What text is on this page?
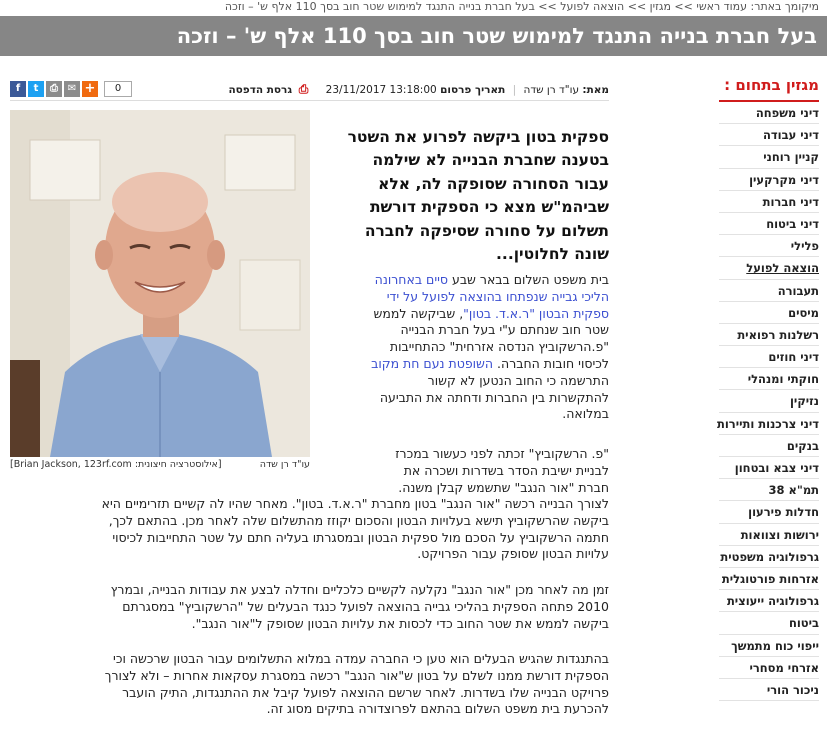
מיקומך באתר: עמוד ראשי >> מגזין >> הוצאה לפועל >> בעל חברת בנייה התנגד למימוש שטר חוב בסך 110 אלף ש' – וזכה
בעל חברת בנייה התנגד למימוש שטר חוב בסך 110 אלף ש' – וזכה
מגזין בתחום :
דיני משפחה
דיני עבודה
קניין רוחני
דיני מקרקעין
דיני חברות
דיני ביטוח
פלילי
הוצאה לפועל
תעבורה
מיסים
רשלנות רפואית
דיני חוזים
חוקתי ומנהלי
נזיקין
דיני צרכנות ותיירות
בנקים
דיני צבא ובטחון
תמ"א 38
חדלות פירעון
ירושות וצוואות
גרפולוגיה משפטית
אזרחות פורטוגלית
גרפולוגיה ייעוצית
ביטוח
ייפוי כוח מתמשך
אזרחי מסחרי
ניכור הורי
מאת: עו"ד רן שדה | תאריך פרסום 13:18:00 23/11/2017 ⎙ גרסת הדפסה
0
+
✉
⎙
t
f
עו"ד רן שדה
[אילוסטרציה חיצונית: Brian Jackson, 123rf.com]

ספקית בטון ביקשה לפרוע את השטר

בטענה שחברת הבנייה לא שילמה

עבור הסחורה שסופקה לה, אלא

שביהמ"ש מצא כי הספקית דורשת

תשלום על סחורה שסיפקה לחברה

שונה לחלוטין...

בית משפט השלום בבאר שבע סיים באחרונה

הליכי גבייה שנפתחו בהוצאה לפועל על ידי

ספקית הבטון "ר.א.ד. בטון", שביקשה לממש

שטר חוב שנחתם ע"י בעל חברת הבנייה

"פ.הרשקוביץ הנדסה אזרחית" כהתחייבות

לכיסוי חובות החברה. השופטת נעם חת מקוב

התרשמה כי החוב הנטען לא קשור

להתקשרות בין החברות ודחתה את התביעה

במלואה.

"פ. הרשקוביץ" זכתה לפני כעשור במכרז

לבניית ישיבת הסדר בשדרות ושכרה את

חברת "אור הנגב" שתשמש קבלן משנה.

לצורך הבנייה רכשה "אור הנגב" בטון מחברת "ר.א.ד. בטון". מאחר שהיו לה קשיים תזרימיים היא

ביקשה שהרשקוביץ תישא בעלויות הבטון והסכום יקוזז מהתשלום שלה לאחר מכן. בהתאם לכך,

חתמה הרשקוביץ על הסכם מול ספקית הבטון ובמסגרתו בעליה חתם על שטר התחייבות לכיסוי

עלויות הבטון שסופק עבור הפרויקט.

זמן מה לאחר מכן "אור הנגב" נקלעה לקשיים כלכליים וחדלה לבצע את עבודות הבנייה, ובמרץ

2010 פתחה הספקית בהליכי גבייה בהוצאה לפועל כנגד הבעלים של "הרשקוביץ" במסגרתם

ביקשה לממש את שטר החוב כדי לכסות את עלויות הבטון שסופק ל"אור הנגב".

בהתנגדות שהגיש הבעלים הוא טען כי החברה עמדה במלוא התשלומים עבור הבטון שרכשה וכי

הספקית דורשת ממנו לשלם על בטון ש"אור הנגב" רכשה במסגרת עסקאות אחרות – ולא לצורך

פרויקט הבנייה שלו בשדרות. לאחר שרשם ההוצאה לפועל קיבל את ההתנגדות, התיק הועבר

להכרעת בית משפט השלום בהתאם לפרוצדורה בתיקים מסוג זה.
